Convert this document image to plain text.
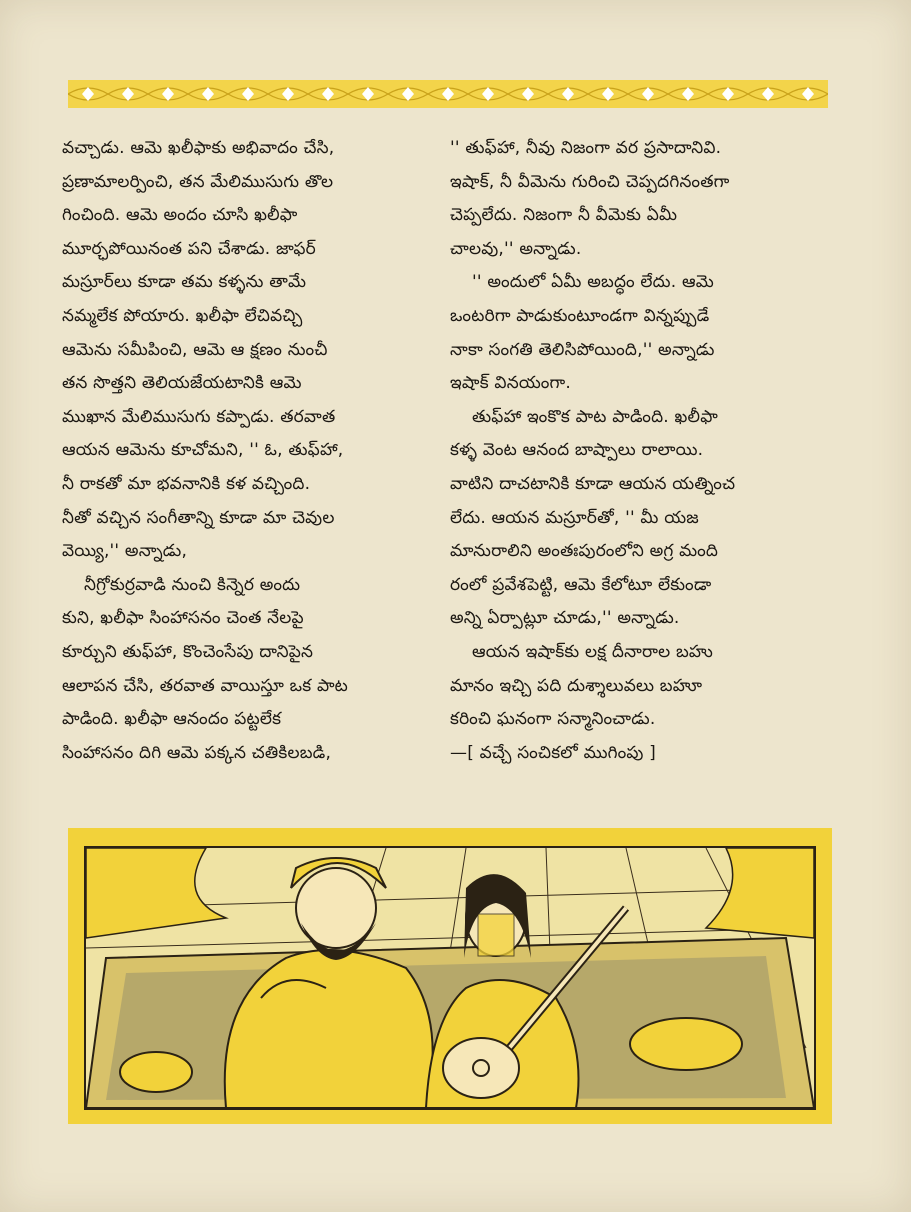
వచ్చాడు. ఆమె ఖలీఫాకు అభివాదం చేసి,
ప్రణామాలర్పించి, తన మేలిముసుగు తొల
గించింది. ఆమె అందం చూసి ఖలీఫా
మూర్ఛపోయినంత పని చేశాడు. జాఫర్
మస్రూర్‌లు కూడా తమ కళ్ళను తామే
నమ్మలేక పోయారు. ఖలీఫా లేచివచ్చి
ఆమెను సమీపించి, ఆమె ఆ క్షణం నుంచీ
తన సొత్తని తెలియజేయటానికి ఆమె
ముఖాన మేలిముసుగు కప్పాడు. తరవాత
ఆయన ఆమెను కూచోమని, '' ఓ, తుఫ్‌హా,
నీ రాకతో మా భవనానికి కళ వచ్చింది.
నీతో వచ్చిన సంగీతాన్ని కూడా మా చెవుల
వెయ్యి,'' అన్నాడు,

నీగ్రోకుర్రవాడి నుంచి కిన్నెర అందు
కుని, ఖలీఫా సింహాసనం చెంత నేలపై
కూర్చుని తుఫ్‌హా, కొంచెంసేపు దానిపైన
ఆలాపన చేసి, తరవాత వాయిస్తూ ఒక పాట
పాడింది. ఖలీఫా ఆనందం పట్టలేక
సింహాసనం దిగి ఆమె పక్కన చతికిలబడి,

'' తుఫ్‌హా, నీవు నిజంగా వర ప్రసాదానివి.
ఇషాక్, నీ వీమెను గురించి చెప్పదగినంతగా
చెప్పలేదు. నిజంగా నీ వీమెకు ఏమీ
చాలవు,'' అన్నాడు.

'' అందులో ఏమీ అబద్ధం లేదు. ఆమె
ఒంటరిగా పాడుకుంటూండగా విన్నప్పుడే
నాకా సంగతి తెలిసిపోయింది,'' అన్నాడు
ఇషాక్ వినయంగా.

తుఫ్‌హా ఇంకొక పాట పాడింది. ఖలీఫా
కళ్ళ వెంట ఆనంద బాష్పాలు రాలాయి.
వాటిని దాచటానికి కూడా ఆయన యత్నించ
లేదు. ఆయన మస్రూర్‌తో, '' మీ యజ
మానురాలిని అంతఃపురంలోని అగ్ర మంది
రంలో ప్రవేశపెట్టి, ఆమె కేలోటూ లేకుండా
అన్ని ఏర్పాట్లూ చూడు,'' అన్నాడు.

ఆయన ఇషాక్‌కు లక్ష దీనారాల బహు
మానం ఇచ్చి పది దుశ్శాలువలు బహూ
కరించి ఘనంగా సన్మానించాడు.

—[ వచ్చే సంచికలో ముగింపు ]
